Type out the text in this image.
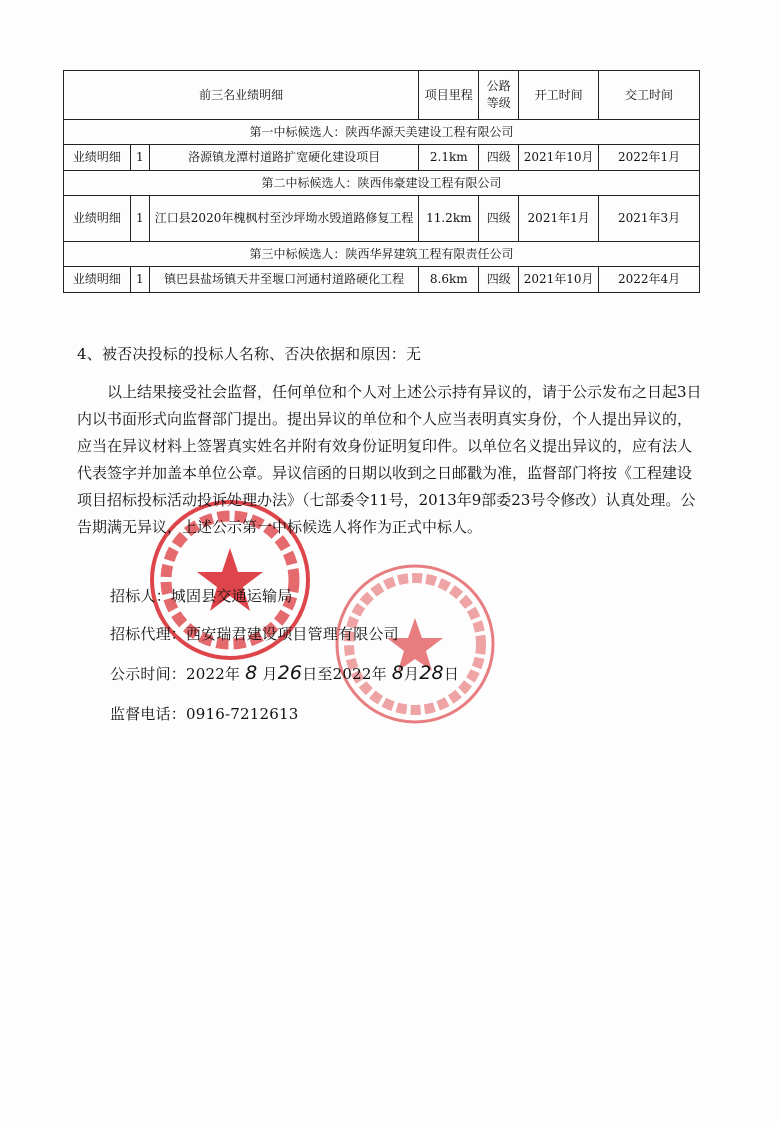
前三名业绩明细			项目里程	公路等级	开工时间	交工时间
第一中标候选人：陕西华源天美建设工程有限公司						
业绩明细	1	洛源镇龙潭村道路扩宽硬化建设项目	2.1km	四级	2021年10月	2022年1月
第二中标候选人：陕西伟豪建设工程有限公司						
业绩明细	1	江口县2020年槐枫村至沙坪坳水毁道路修复工程	11.2km	四级	2021年1月	2021年3月
第三中标候选人：陕西华昇建筑工程有限责任公司						
业绩明细	1	镇巴县盐场镇天井至堰口河通村道路硬化工程	8.6km	四级	2021年10月	2022年4月
4、被否决投标的投标人名称、否决依据和原因：无
以上结果接受社会监督，任何单位和个人对上述公示持有异议的，请于公示发布之日起3日内以书面形式向监督部门提出。提出异议的单位和个人应当表明真实身份，个人提出异议的，应当在异议材料上签署真实姓名并附有效身份证明复印件。以单位名义提出异议的，应有法人代表签字并加盖本单位公章。异议信函的日期以收到之日邮戳为准，监督部门将按《工程建设项目招标投标活动投诉处理办法》（七部委令11号，2013年9部委23号令修改）认真处理。公告期满无异议，上述公示第一中标候选人将作为正式中标人。
招标人：城固县交通运输局
招标代理：西安瑞君建设项目管理有限公司
公示时间：2022年 8 月26日至2022年 8月28日
监督电话：0916-7212613
